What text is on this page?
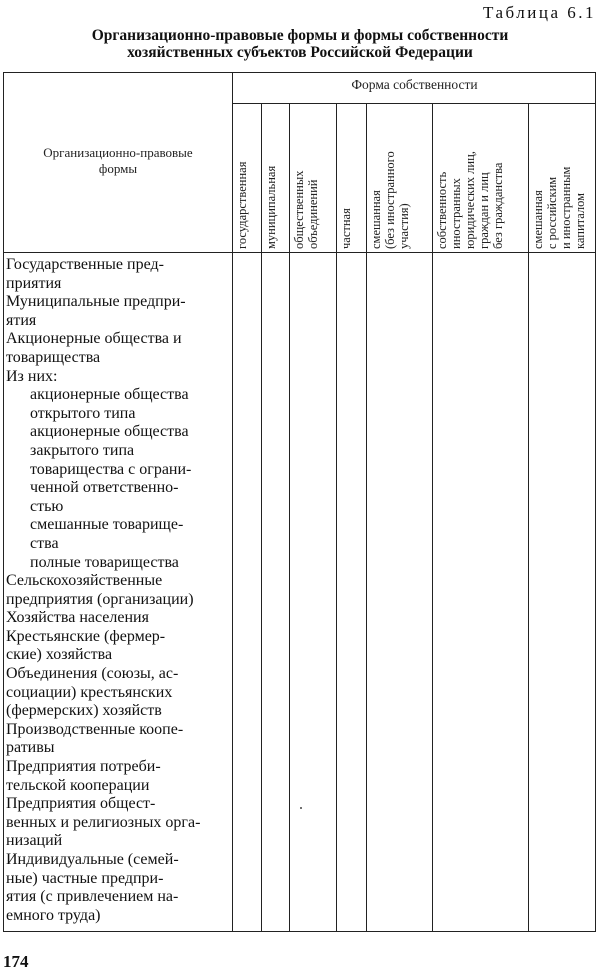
Таблица 6.1
Организационно-правовые формы и формы собственности
хозяйственных субъектов Российской Федерации
Организационно-правовые
формы
Форма собственности
государственная муниципальная общественных объединений частная смешанная (без иностранного участия) собственность иностранных юридических лиц, граждан и лиц без гражданства смешанная с российским и иностранным капиталом
Государственные пред-
приятия
Муниципальные предпри-
ятия
Акционерные общества и
товарищества
Из них:
акционерные общества
открытого типа
акционерные общества
закрытого типа
товарищества с ограни-
ченной ответственно-
стью
смешанные товарище-
ства
полные товарищества
Сельскохозяйственные
предприятия (организации)
Хозяйства населения
Крестьянские (фермер-
ские) хозяйства
Объединения (союзы, ас-
социации) крестьянских
(фермерских) хозяйств
Производственные коопе-
ративы
Предприятия потреби-
тельской кооперации
Предприятия общест-
венных и религиозных орга-
низаций
Индивидуальные (семей-
ные) частные предпри-
ятия (с привлечением на-
емного труда)
174
